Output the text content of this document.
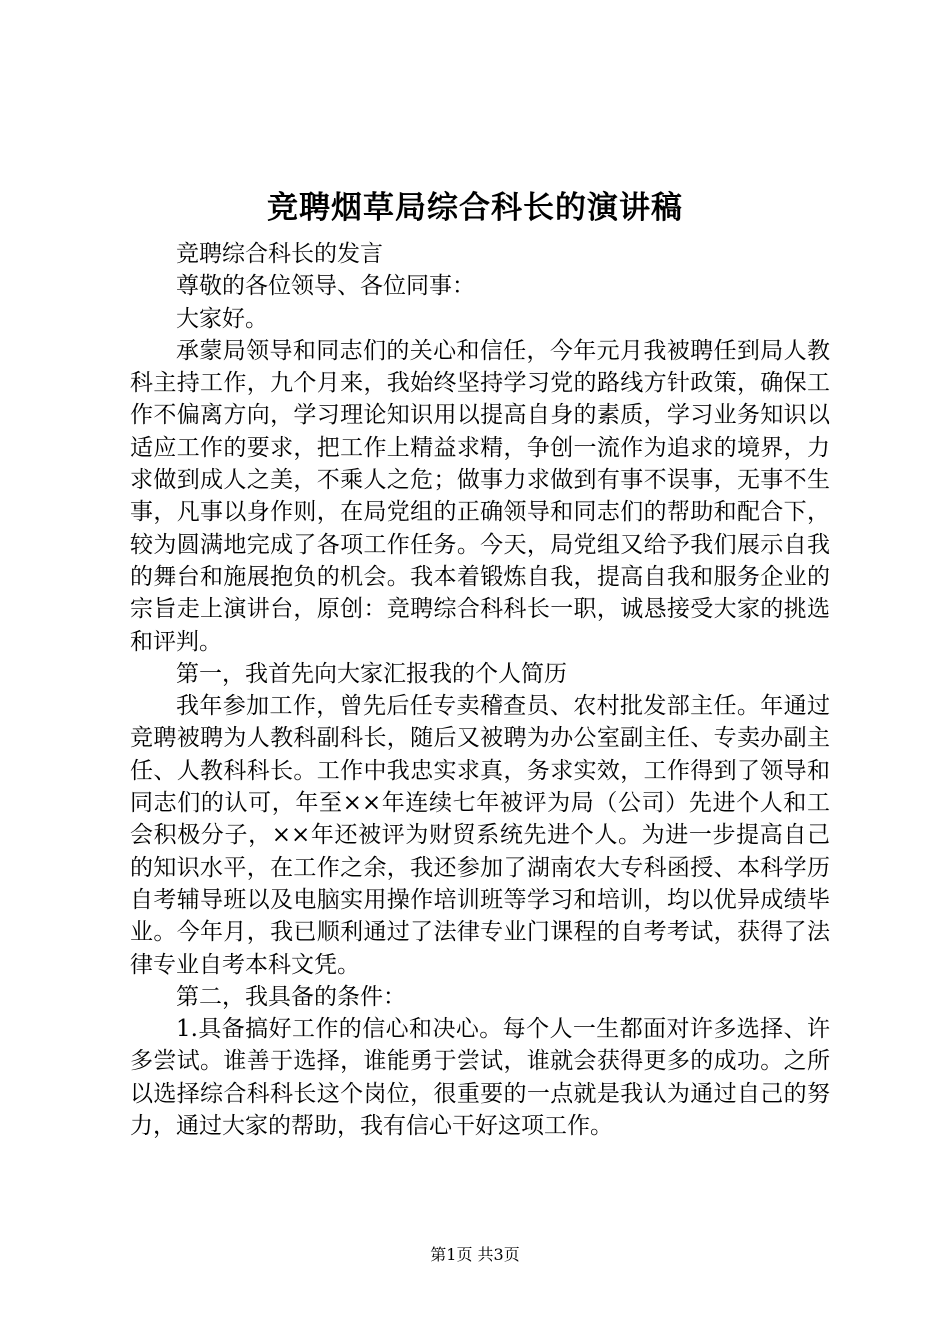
竞聘烟草局综合科长的演讲稿

竞聘综合科长的发言

尊敬的各位领导、各位同事：

大家好。

承蒙局领导和同志们的关心和信任，今年元月我被聘任到局人教科主持工作，九个月来，我始终坚持学习党的路线方针政策，确保工作不偏离方向，学习理论知识用以提高自身的素质，学习业务知识以适应工作的要求，把工作上精益求精，争创一流作为追求的境界，力求做到成人之美，不乘人之危；做事力求做到有事不误事，无事不生事，凡事以身作则，在局党组的正确领导和同志们的帮助和配合下，较为圆满地完成了各项工作任务。今天，局党组又给予我们展示自我的舞台和施展抱负的机会。我本着锻炼自我，提高自我和服务企业的宗旨走上演讲台，原创：竞聘综合科科长一职，诚恳接受大家的挑选和评判。

第一，我首先向大家汇报我的个人简历

我年参加工作，曾先后任专卖稽查员、农村批发部主任。年通过竞聘被聘为人教科副科长，随后又被聘为办公室副主任、专卖办副主任、人教科科长。工作中我忠实求真，务求实效，工作得到了领导和同志们的认可，年至××年连续七年被评为局（公司）先进个人和工会积极分子，××年还被评为财贸系统先进个人。为进一步提高自己的知识水平，在工作之余，我还参加了湖南农大专科函授、本科学历自考辅导班以及电脑实用操作培训班等学习和培训，均以优异成绩毕业。今年月，我已顺利通过了法律专业门课程的自考考试，获得了法律专业自考本科文凭。

第二，我具备的条件：

1.具备搞好工作的信心和决心。每个人一生都面对许多选择、许多尝试。谁善于选择，谁能勇于尝试，谁就会获得更多的成功。之所以选择综合科科长这个岗位，很重要的一点就是我认为通过自己的努力，通过大家的帮助，我有信心干好这项工作。

第1页 共3页
